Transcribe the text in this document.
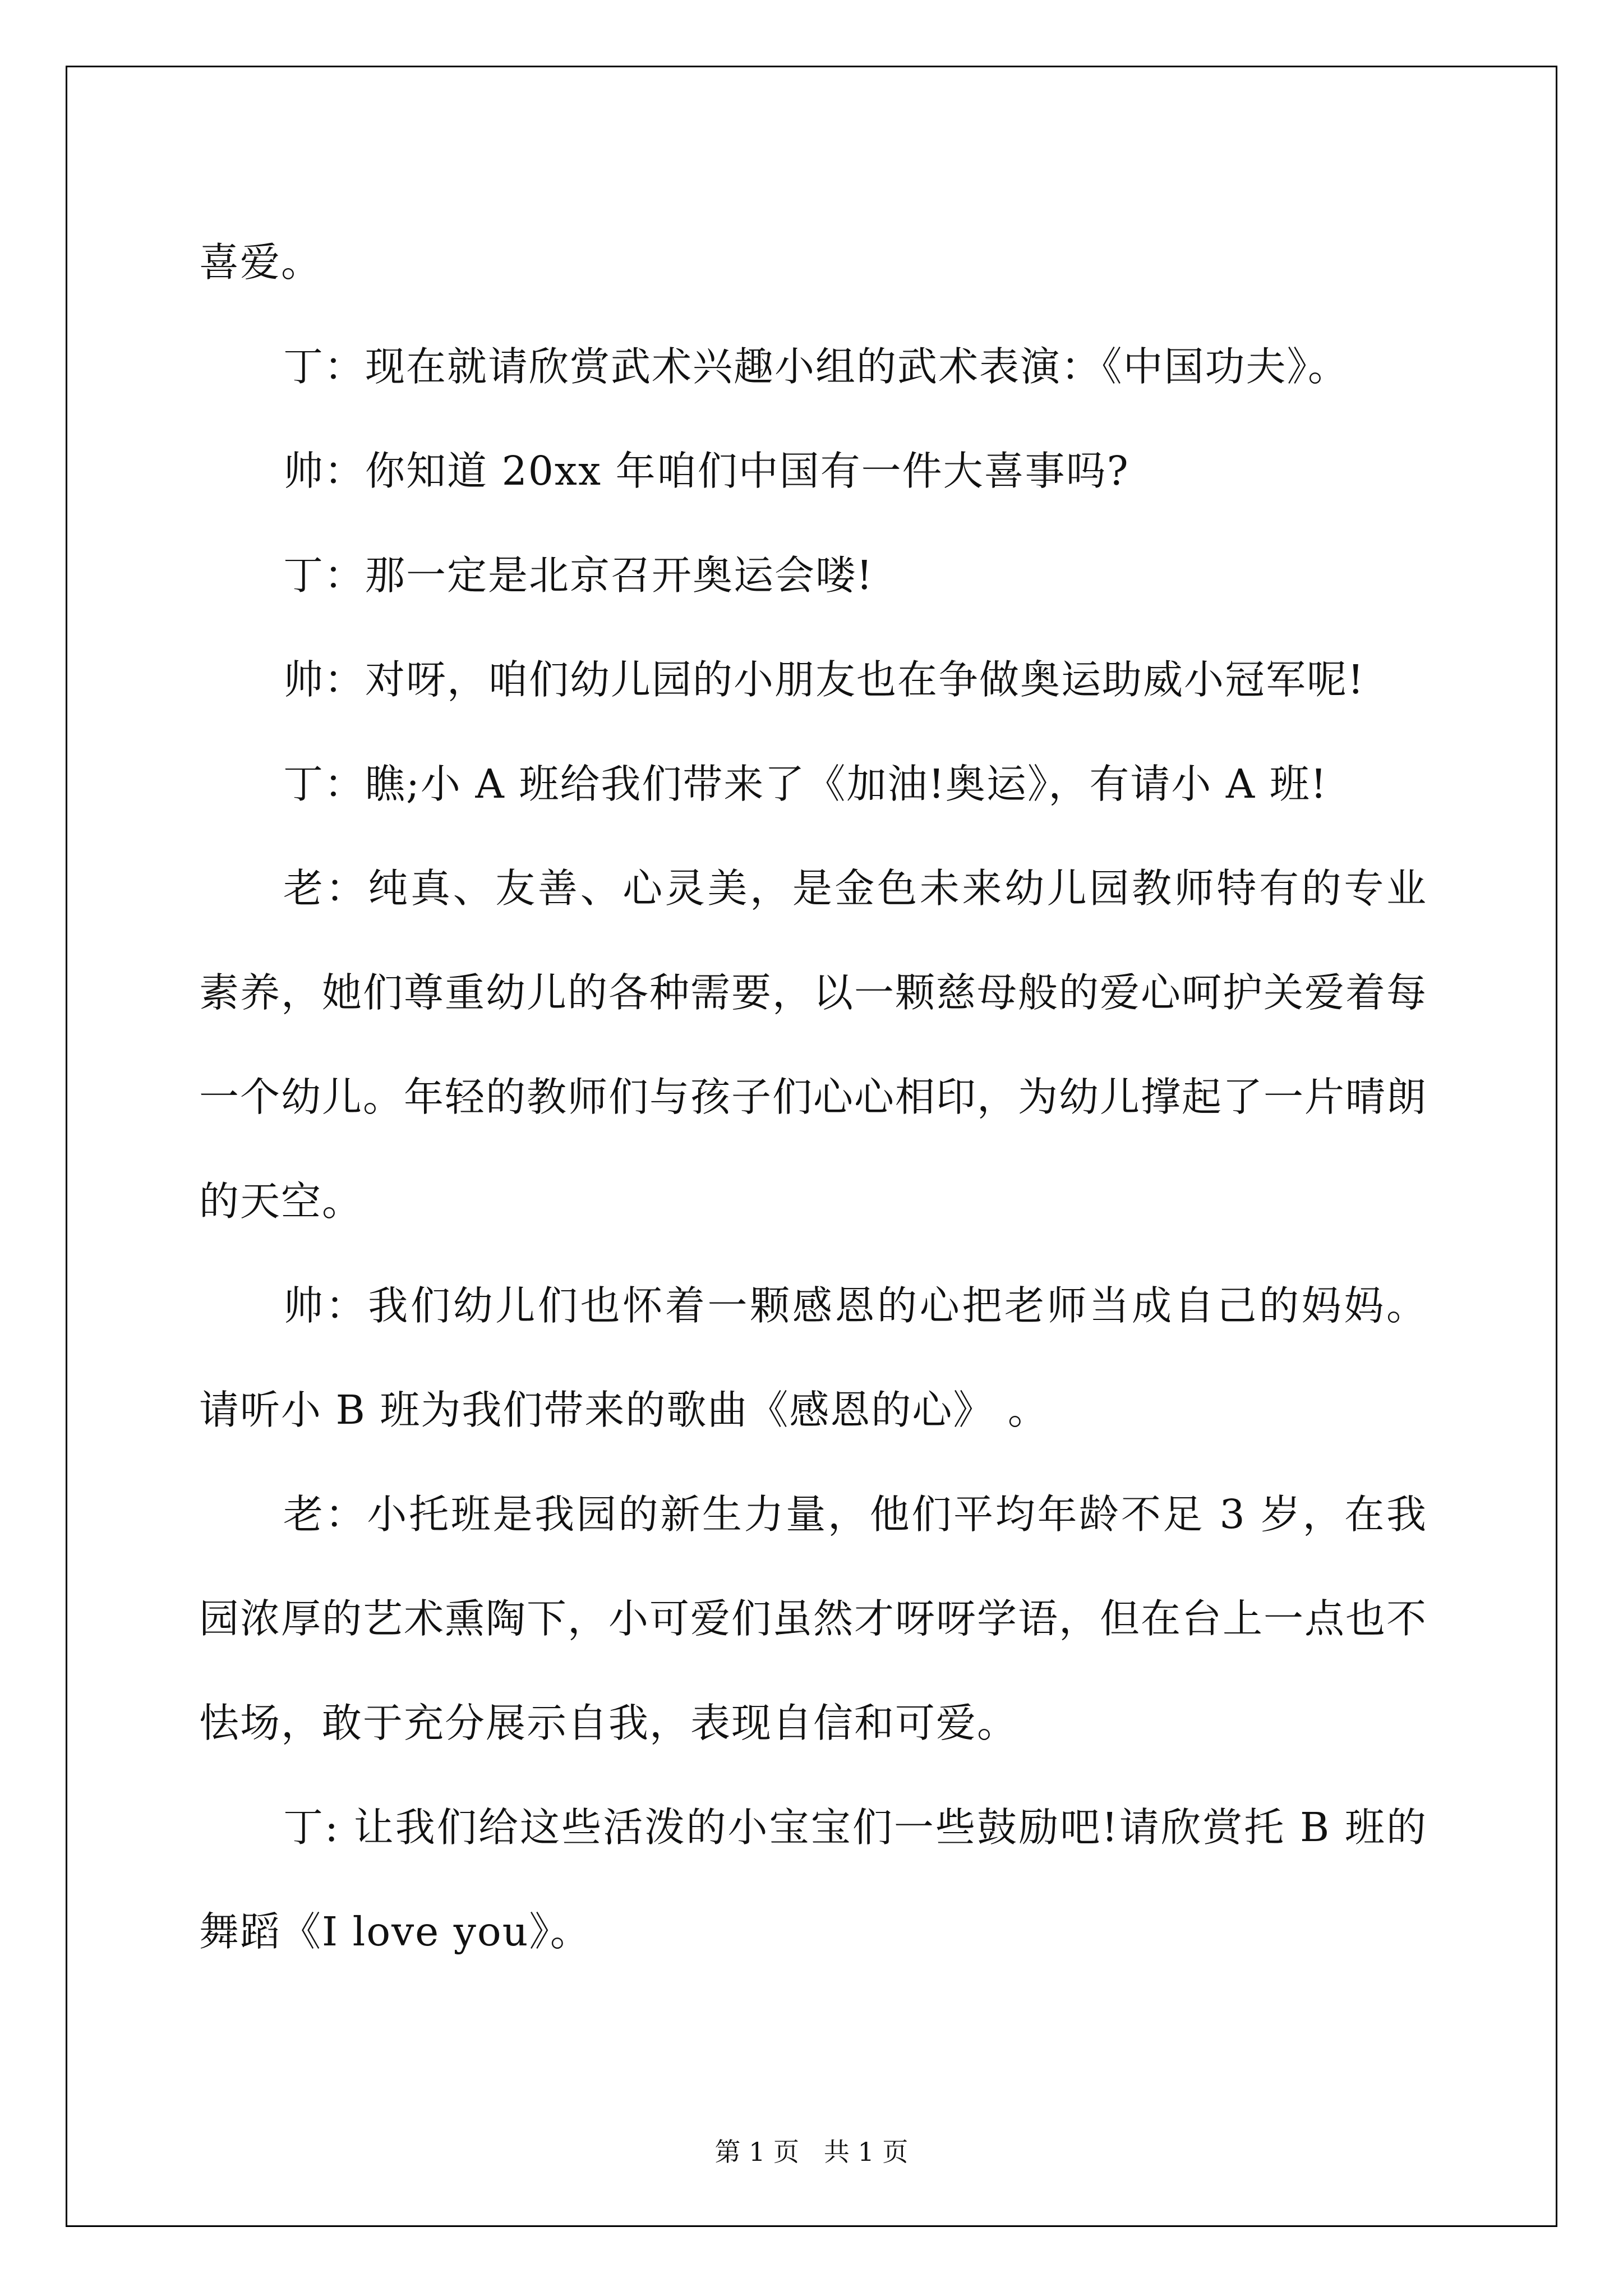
喜爱。

丁：现在就请欣赏武术兴趣小组的武术表演：《中国功夫》。

帅：你知道 20xx 年咱们中国有一件大喜事吗?

丁：那一定是北京召开奥运会喽!

帅：对呀，咱们幼儿园的小朋友也在争做奥运助威小冠军呢!

丁：瞧;小 A 班给我们带来了《加油!奥运》，有请小 A 班!

老：纯真、友善、心灵美，是金色未来幼儿园教师特有的专业素养，她们尊重幼儿的各种需要，以一颗慈母般的爱心呵护关爱着每一个幼儿。年轻的教师们与孩子们心心相印，为幼儿撑起了一片晴朗的天空。

帅：我们幼儿们也怀着一颗感恩的心把老师当成自己的妈妈。请听小 B 班为我们带来的歌曲《感恩的心》 。

老：小托班是我园的新生力量，他们平均年龄不足 3 岁，在我园浓厚的艺术熏陶下，小可爱们虽然才呀呀学语，但在台上一点也不怯场，敢于充分展示自我，表现自信和可爱。

丁: 让我们给这些活泼的小宝宝们一些鼓励吧!请欣赏托 B 班的舞蹈《I love you》。

第 1 页   共 1 页
